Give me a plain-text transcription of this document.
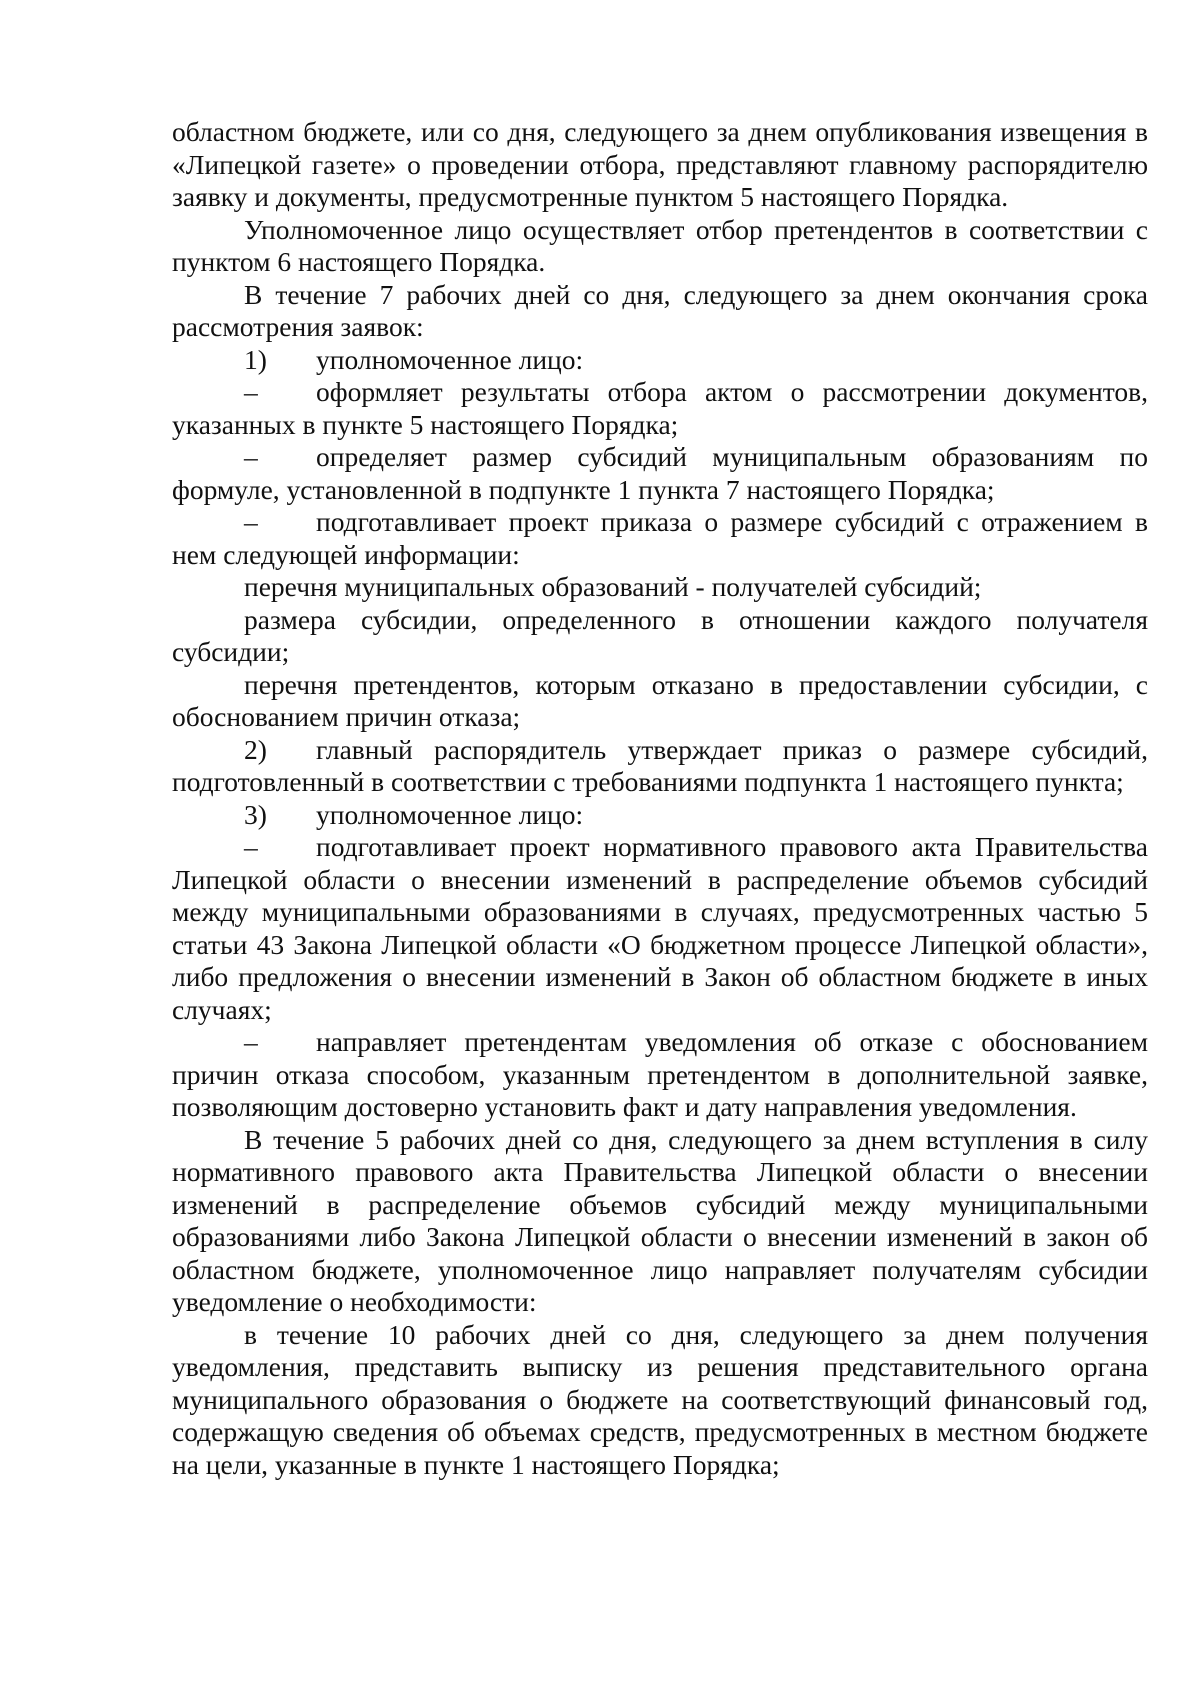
областном бюджете, или со дня, следующего за днем опубликования извещения в «Липецкой газете» о проведении отбора, представляют главному распорядителю заявку и документы, предусмотренные пунктом 5 настоящего Порядка.

Уполномоченное лицо осуществляет отбор претендентов в соответствии с пунктом 6 настоящего Порядка.

В течение 7 рабочих дней со дня, следующего за днем окончания срока рассмотрения заявок:

1) уполномоченное лицо:

– оформляет результаты отбора актом о рассмотрении документов, указанных в пункте 5 настоящего Порядка;

– определяет размер субсидий муниципальным образованиям по формуле, установленной в подпункте 1 пункта 7 настоящего Порядка;

– подготавливает проект приказа о размере субсидий с отражением в нем следующей информации:

перечня муниципальных образований - получателей субсидий;

размера субсидии, определенного в отношении каждого получателя субсидии;

перечня претендентов, которым отказано в предоставлении субсидии, с обоснованием причин отказа;

2) главный распорядитель утверждает приказ о размере субсидий, подготовленный в соответствии с требованиями подпункта 1 настоящего пункта;

3) уполномоченное лицо:

– подготавливает проект нормативного правового акта Правительства Липецкой области о внесении изменений в распределение объемов субсидий между муниципальными образованиями в случаях, предусмотренных частью 5 статьи 43 Закона Липецкой области «О бюджетном процессе Липецкой области», либо предложения о внесении изменений в Закон об областном бюджете в иных случаях;

– направляет претендентам уведомления об отказе с обоснованием причин отказа способом, указанным претендентом в дополнительной заявке, позволяющим достоверно установить факт и дату направления уведомления.

В течение 5 рабочих дней со дня, следующего за днем вступления в силу нормативного правового акта Правительства Липецкой области о внесении изменений в распределение объемов субсидий между муниципальными образованиями либо Закона Липецкой области о внесении изменений в закон об областном бюджете, уполномоченное лицо направляет получателям субсидии уведомление о необходимости:

в течение 10 рабочих дней со дня, следующего за днем получения уведомления, представить выписку из решения представительного органа муниципального образования о бюджете на соответствующий финансовый год, содержащую сведения об объемах средств, предусмотренных в местном бюджете на цели, указанные в пункте 1 настоящего Порядка;
